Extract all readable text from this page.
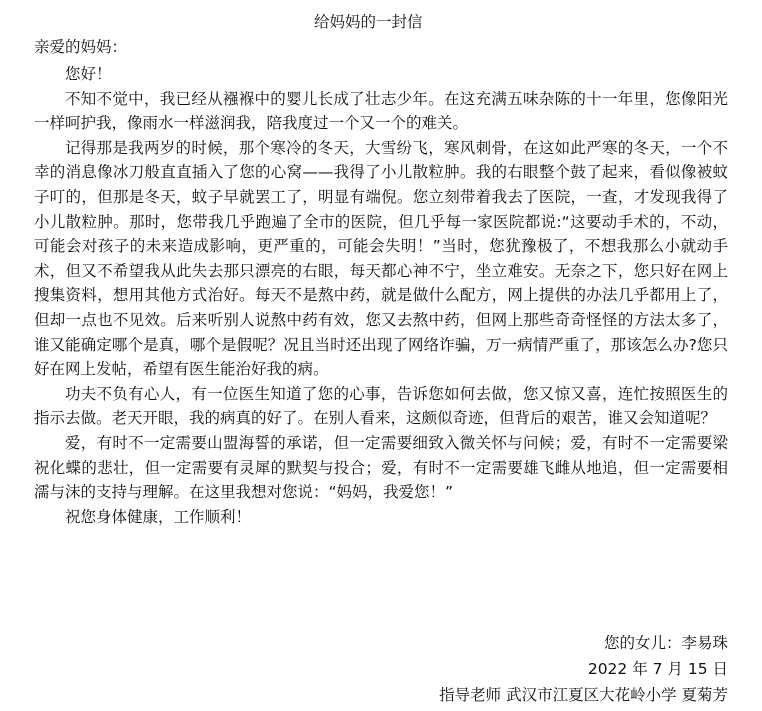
给妈妈的一封信

亲爱的妈妈：

您好！

不知不觉中，我已经从襁褓中的婴儿长成了壮志少年。在这充满五味杂陈的十一年里，您像阳光一样呵护我，像雨水一样滋润我，陪我度过一个又一个的难关。

记得那是我两岁的时候，那个寒冷的冬天，大雪纷飞，寒风刺骨，在这如此严寒的冬天，一个不幸的消息像冰刀般直直插入了您的心窝——我得了小儿散粒肿。我的右眼整个鼓了起来，看似像被蚊子叮的，但那是冬天，蚊子早就罢工了，明显有端倪。您立刻带着我去了医院，一查，才发现我得了小儿散粒肿。那时，您带我几乎跑遍了全市的医院，但几乎每一家医院都说:“这要动手术的，不动，可能会对孩子的未来造成影响，更严重的，可能会失明！”当时，您犹豫极了，不想我那么小就动手术，但又不希望我从此失去那只漂亮的右眼，每天都心神不宁，坐立难安。无奈之下，您只好在网上搜集资料，想用其他方式治好。每天不是熬中药，就是做什么配方，网上提供的办法几乎都用上了，但却一点也不见效。后来听别人说熬中药有效，您又去熬中药，但网上那些奇奇怪怪的方法太多了，谁又能确定哪个是真，哪个是假呢？况且当时还出现了网络诈骗，万一病情严重了，那该怎么办?您只好在网上发帖，希望有医生能治好我的病。

功夫不负有心人，有一位医生知道了您的心事，告诉您如何去做，您又惊又喜，连忙按照医生的指示去做。老天开眼，我的病真的好了。在别人看来，这颇似奇迹，但背后的艰苦，谁又会知道呢？

爱，有时不一定需要山盟海誓的承诺，但一定需要细致入微关怀与问候；爱，有时不一定需要梁祝化蝶的悲壮，但一定需要有灵犀的默契与投合；爱，有时不一定需要雄飞雌从地追，但一定需要相濡与沫的支持与理解。在这里我想对您说：“妈妈，我爱您！”

祝您身体健康，工作顺利！

您的女儿：李易珠
2022 年 7 月 15 日
指导老师 武汉市江夏区大花岭小学 夏菊芳
